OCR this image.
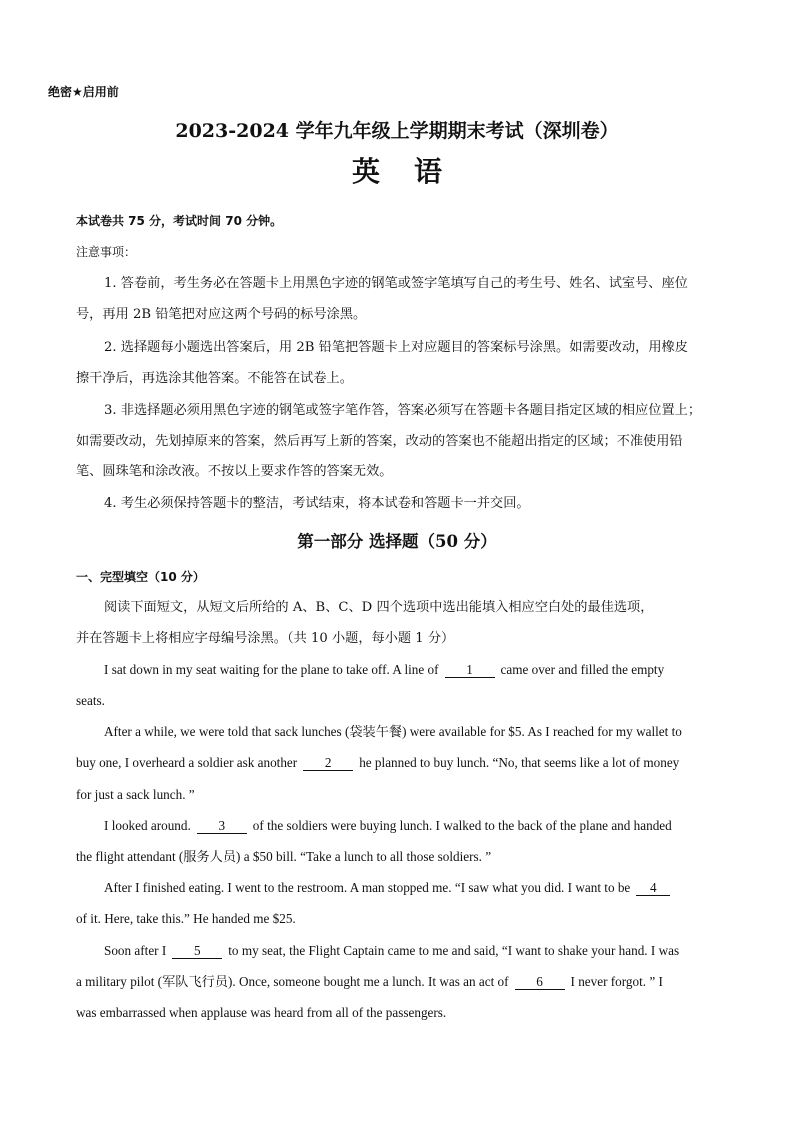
绝密★启用前
2023-2024 学年九年级上学期期末考试（深圳卷）
英语
本试卷共 75 分，考试时间 70 分钟。
注意事项：
1. 答卷前，考生务必在答题卡上用黑色字迹的钢笔或签字笔填写自己的考生号、姓名、试室号、座位
号，再用 2B 铅笔把对应这两个号码的标号涂黑。
2. 选择题每小题选出答案后，用 2B 铅笔把答题卡上对应题目的答案标号涂黑。如需要改动，用橡皮
擦干净后，再选涂其他答案。不能答在试卷上。
3. 非选择题必须用黑色字迹的钢笔或签字笔作答，答案必须写在答题卡各题目指定区域的相应位置上；
如需要改动，先划掉原来的答案，然后再写上新的答案，改动的答案也不能超出指定的区域；不准使用铅
笔、圆珠笔和涂改液。不按以上要求作答的答案无效。
4. 考生必须保持答题卡的整洁，考试结束，将本试卷和答题卡一并交回。
第一部分 选择题（50 分）
一、完型填空（10 分）
阅读下面短文，从短文后所给的 A、B、C、D 四个选项中选出能填入相应空白处的最佳选项，
并在答题卡上将相应字母编号涂黑。（共 10 小题，每小题 1 分）
I sat down in my seat waiting for the plane to take off. A line of 1 came over and filled the empty
seats.
After a while, we were told that sack lunches (袋装午餐) were available for $5. As I reached for my wallet to
buy one, I overheard a soldier ask another 2 he planned to buy lunch. “No, that seems like a lot of money
for just a sack lunch. ”
I looked around. 3 of the soldiers were buying lunch. I walked to the back of the plane and handed
the flight attendant (服务人员) a $50 bill. “Take a lunch to all those soldiers. ”
After I finished eating. I went to the restroom. A man stopped me. “I saw what you did. I want to be 4
of it. Here, take this.” He handed me $25.
Soon after I 5 to my seat, the Flight Captain came to me and said, “I want to shake your hand. I was
a military pilot (军队飞行员). Once, someone bought me a lunch. It was an act of 6 I never forgot. ” I
was embarrassed when applause was heard from all of the passengers.
